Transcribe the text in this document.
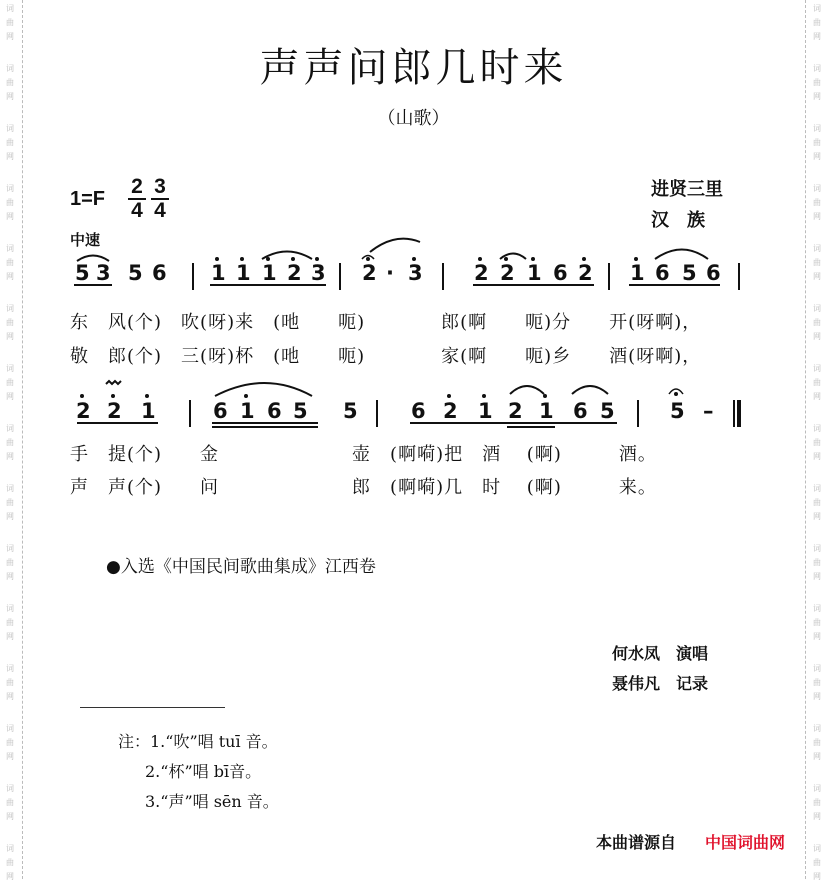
词
曲
网
词
曲
网
词
曲
网
词
曲
网
词
曲
网
词
曲
网
词
曲
网
词
曲
网
词
曲
网
词
曲
网
词
曲
网
词
曲
网
词
曲
网
词
曲
网
词
曲
网
词
曲
网
词
曲
网
词
曲
网
词
曲
网
词
曲
网
词
曲
网
词
曲
网
词
曲
网
词
曲
网
词
曲
网
词
曲
网
词
曲
网
词
曲
网
词
曲
网
词
曲
网
声声问郎几时来
（山歌）
1=F
2
4
3
4
中速
进贤三里
汉　族
5 3 5 6 1 1 1 2 3 2 · 3 2 2 1 6 2 1 6 5 6
东　风(个)　吹(呀)来　(吔　　呃)　　　　郎(啊　　呃)分　　开(呀啊)，
敬　郎(个)　三(呀)杯　(吔　　呃)　　　　家(啊　　呃)乡　　酒(呀啊)，
2 2 1	6 1 6 5 5	6 2 1 2 1 6 5	5 –
手　提(个)　　金　　　　　　　壶　(啊嗬)把　酒　 (啊)　　　酒。
声　声(个)　　问　　　　　　　郎　(啊嗬)几　时　 (啊)　　　来。
●入选《中国民间歌曲集成》江西卷
何水凤　 演唱
聂伟凡　 记录
注：1.“吹”唱 tuī 音。
2.“杯”唱 bī音。
3.“声”唱 sēn 音。
本曲谱源自 中国词曲网
